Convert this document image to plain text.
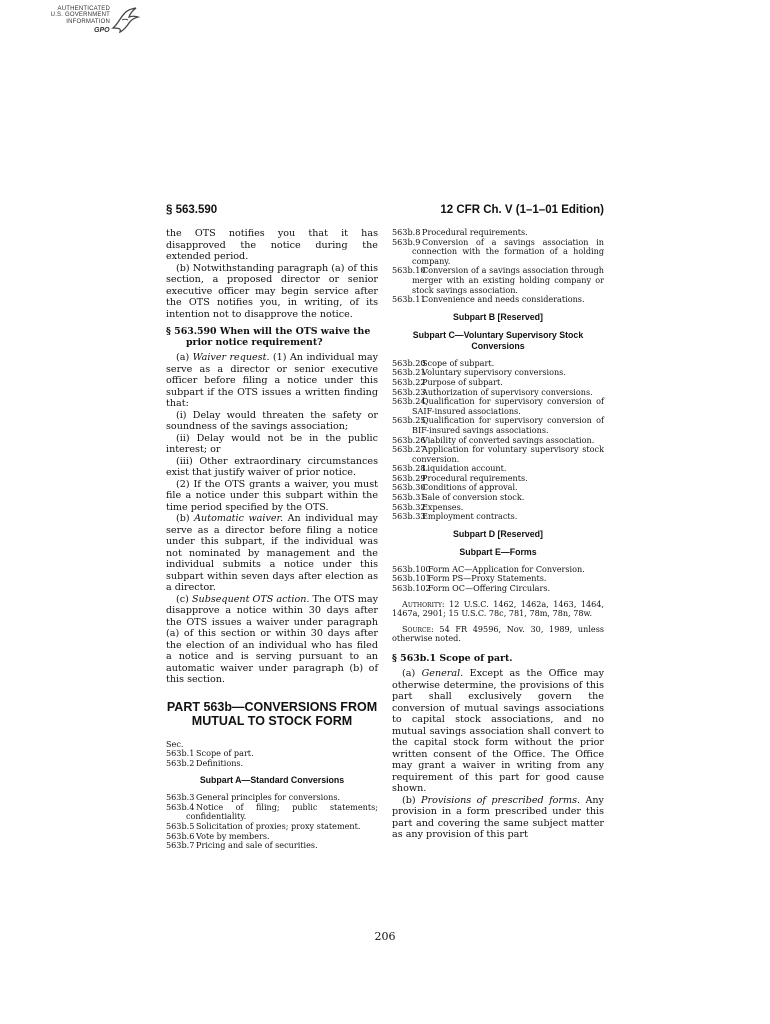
AUTHENTICATED
U.S. GOVERNMENT
INFORMATION
GPO
§ 563.590	12 CFR Ch. V (1–1–01 Edition)

the OTS notifies you that it has disapproved the notice during the extended period.

(b) Notwithstanding paragraph (a) of this section, a proposed director or senior executive officer may begin service after the OTS notifies you, in writing, of its intention not to disapprove the notice.

§ 563.590 When will the OTS waive the prior notice requirement?

(a) Waiver request. (1) An individual may serve as a director or senior executive officer before filing a notice under this subpart if the OTS issues a written finding that:

(i) Delay would threaten the safety or soundness of the savings association;

(ii) Delay would not be in the public interest; or

(iii) Other extraordinary circumstances exist that justify waiver of prior notice.

(2) If the OTS grants a waiver, you must file a notice under this subpart within the time period specified by the OTS.

(b) Automatic waiver. An individual may serve as a director before filing a notice under this subpart, if the individual was not nominated by management and the individual submits a notice under this subpart within seven days after election as a director.

(c) Subsequent OTS action. The OTS may disapprove a notice within 30 days after the OTS issues a waiver under paragraph (a) of this section or within 30 days after the election of an individual who has filed a notice and is serving pursuant to an automatic waiver under paragraph (b) of this section.

PART 563b—CONVERSIONS FROM MUTUAL TO STOCK FORM
Sec.
563b.1 Scope of part.
563b.2 Definitions.
Subpart A—Standard Conversions
563b.3 General principles for conversions.
563b.4 Notice of filing; public statements; confidentiality.
563b.5 Solicitation of proxies; proxy statement.
563b.6 Vote by members.
563b.7 Pricing and sale of securities.
563b.8 Procedural requirements.
563b.9 Conversion of a savings association in connection with the formation of a holding company.
563b.10Conversion of a savings association through merger with an existing holding company or stock savings association.
563b.11Convenience and needs considerations.
Subpart B [Reserved]
Subpart C—Voluntary Supervisory Stock Conversions
563b.20Scope of subpart.
563b.21Voluntary supervisory conversions.
563b.22Purpose of subpart.
563b.23Authorization of supervisory conversions.
563b.24Qualification for supervisory conversion of SAIF-insured associations.
563b.25Qualification for supervisory conversion of BIF-insured savings associations.
563b.26Viability of converted savings association.
563b.27Application for voluntary supervisory stock conversion.
563b.28Liquidation account.
563b.29Procedural requirements.
563b.30Conditions of approval.
563b.31Sale of conversion stock.
563b.32Expenses.
563b.33Employment contracts.
Subpart D [Reserved]
Subpart E—Forms
563b.100Form AC—Application for Conversion.
563b.101Form PS—Proxy Statements.
563b.102Form OC—Offering Circulars.

Authority: 12 U.S.C. 1462, 1462a, 1463, 1464, 1467a, 2901; 15 U.S.C. 78c, 781, 78m, 78n, 78w.

Source: 54 FR 49596, Nov. 30, 1989, unless otherwise noted.

§ 563b.1 Scope of part.

(a) General. Except as the Office may otherwise determine, the provisions of this part shall exclusively govern the conversion of mutual savings associations to capital stock associations, and no mutual savings association shall convert to the capital stock form without the prior written consent of the Office. The Office may grant a waiver in writing from any requirement of this part for good cause shown.

(b) Provisions of prescribed forms. Any provision in a form prescribed under this part and covering the same subject matter as any provision of this part

206
